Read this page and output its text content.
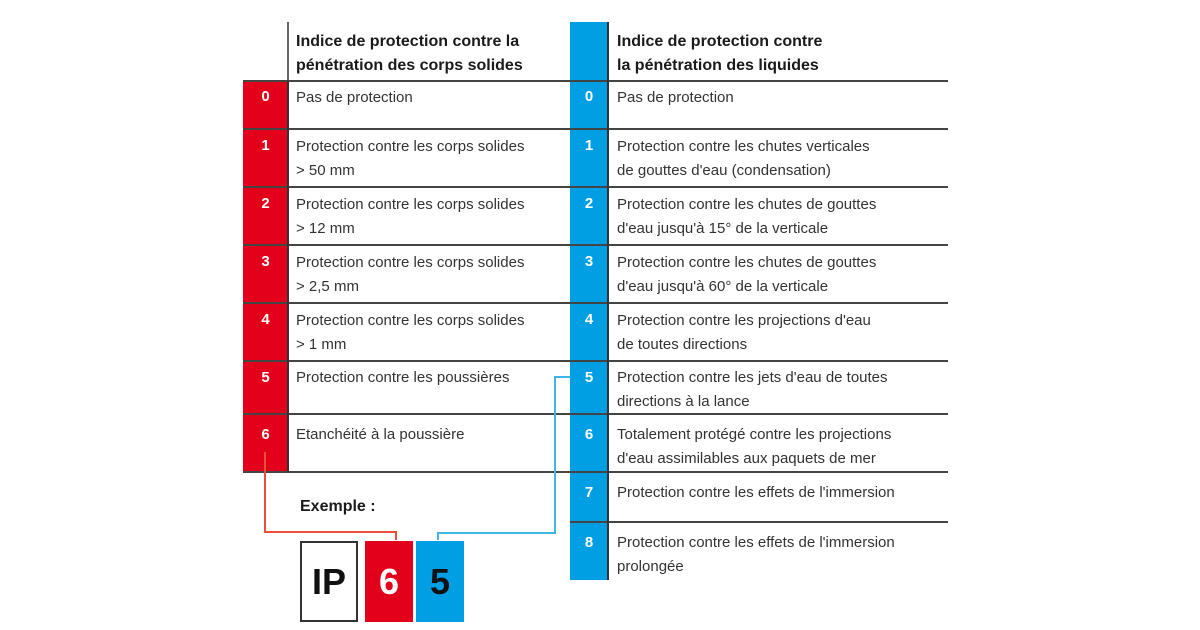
Indice de protection contre la
pénétration des corps solides
Indice de protection contre
la pénétration des liquides
0	Pas de protection
1	Protection contre les corps solides
> 50 mm
2	Protection contre les corps solides
> 12 mm
3	Protection contre les corps solides
> 2,5 mm
4	Protection contre les corps solides
> 1 mm
5	Protection contre les poussières
6	Etanchéité à la poussière
0	Pas de protection
1	Protection contre les chutes verticales
de gouttes d'eau (condensation)
2	Protection contre les chutes de gouttes
d'eau jusqu'à 15° de la verticale
3	Protection contre les chutes de gouttes
d'eau jusqu'à 60° de la verticale
4	Protection contre les projections d'eau
de toutes directions
5	Protection contre les jets d'eau de toutes
directions à la lance
6	Totalement protégé contre les projections
d'eau assimilables aux paquets de mer
7	Protection contre les effets de l'immersion
8	Protection contre les effets de l'immersion
prolongée
Exemple :
IP 6 5
